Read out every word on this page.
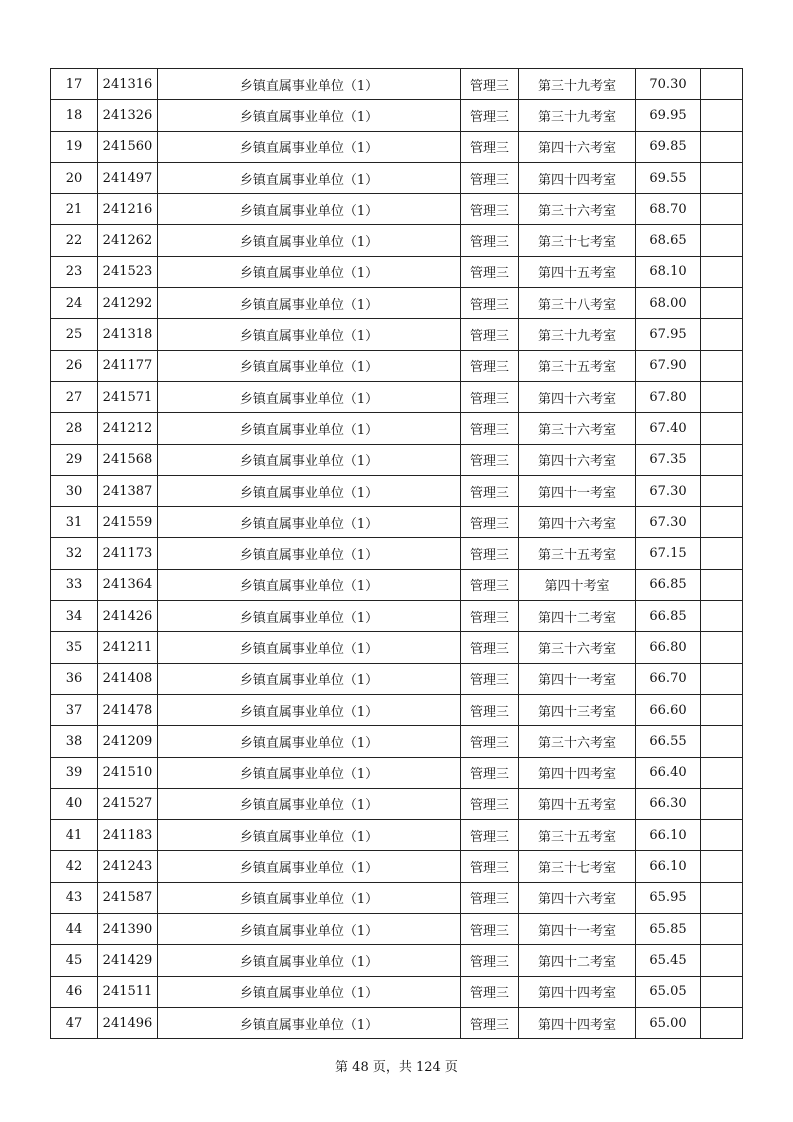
17	241316	乡镇直属事业单位（1）	管理三	第三十九考室	70.30	
18	241326	乡镇直属事业单位（1）	管理三	第三十九考室	69.95	
19	241560	乡镇直属事业单位（1）	管理三	第四十六考室	69.85	
20	241497	乡镇直属事业单位（1）	管理三	第四十四考室	69.55	
21	241216	乡镇直属事业单位（1）	管理三	第三十六考室	68.70	
22	241262	乡镇直属事业单位（1）	管理三	第三十七考室	68.65	
23	241523	乡镇直属事业单位（1）	管理三	第四十五考室	68.10	
24	241292	乡镇直属事业单位（1）	管理三	第三十八考室	68.00	
25	241318	乡镇直属事业单位（1）	管理三	第三十九考室	67.95	
26	241177	乡镇直属事业单位（1）	管理三	第三十五考室	67.90	
27	241571	乡镇直属事业单位（1）	管理三	第四十六考室	67.80	
28	241212	乡镇直属事业单位（1）	管理三	第三十六考室	67.40	
29	241568	乡镇直属事业单位（1）	管理三	第四十六考室	67.35	
30	241387	乡镇直属事业单位（1）	管理三	第四十一考室	67.30	
31	241559	乡镇直属事业单位（1）	管理三	第四十六考室	67.30	
32	241173	乡镇直属事业单位（1）	管理三	第三十五考室	67.15	
33	241364	乡镇直属事业单位（1）	管理三	第四十考室	66.85	
34	241426	乡镇直属事业单位（1）	管理三	第四十二考室	66.85	
35	241211	乡镇直属事业单位（1）	管理三	第三十六考室	66.80	
36	241408	乡镇直属事业单位（1）	管理三	第四十一考室	66.70	
37	241478	乡镇直属事业单位（1）	管理三	第四十三考室	66.60	
38	241209	乡镇直属事业单位（1）	管理三	第三十六考室	66.55	
39	241510	乡镇直属事业单位（1）	管理三	第四十四考室	66.40	
40	241527	乡镇直属事业单位（1）	管理三	第四十五考室	66.30	
41	241183	乡镇直属事业单位（1）	管理三	第三十五考室	66.10	
42	241243	乡镇直属事业单位（1）	管理三	第三十七考室	66.10	
43	241587	乡镇直属事业单位（1）	管理三	第四十六考室	65.95	
44	241390	乡镇直属事业单位（1）	管理三	第四十一考室	65.85	
45	241429	乡镇直属事业单位（1）	管理三	第四十二考室	65.45	
46	241511	乡镇直属事业单位（1）	管理三	第四十四考室	65.05	
47	241496	乡镇直属事业单位（1）	管理三	第四十四考室	65.00	
第 48 页，共 124 页
